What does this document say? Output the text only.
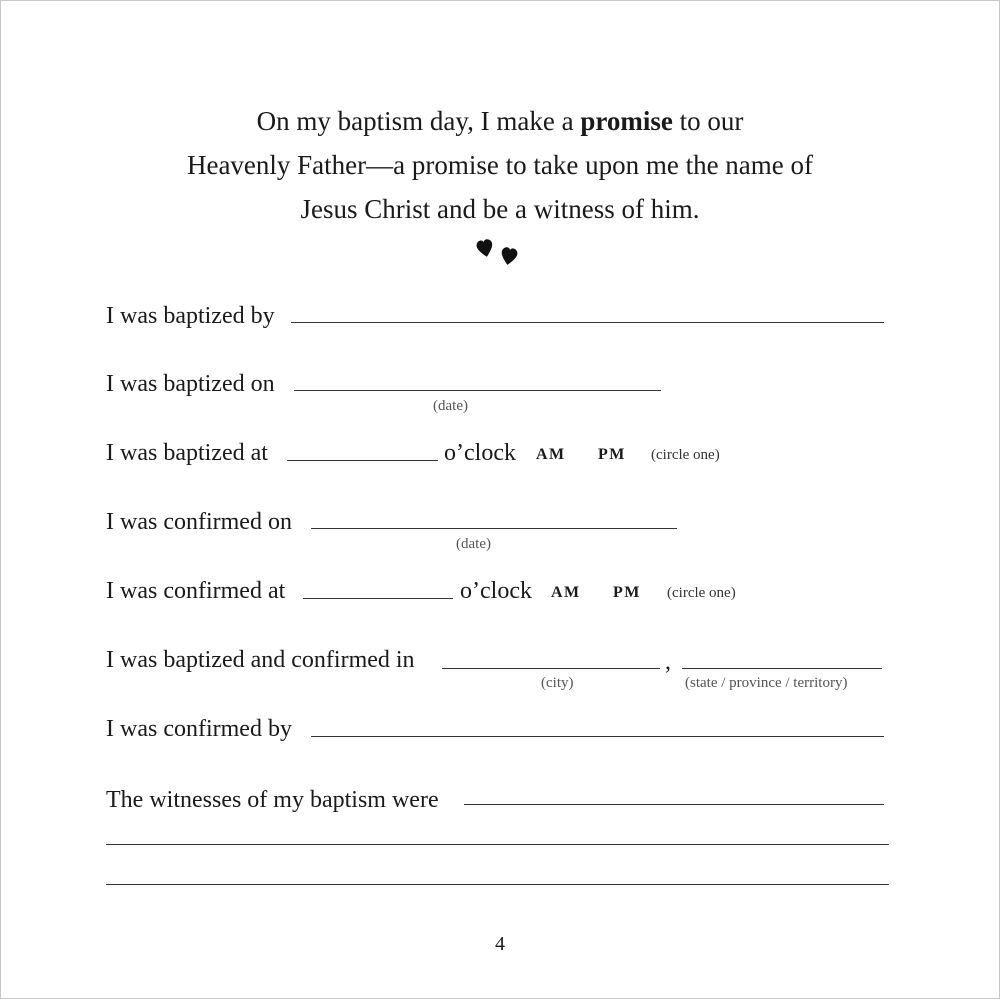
On my baptism day, I make a promise to our
Heavenly Father—a promise to take upon me the name of
Jesus Christ and be a witness of him.
I was baptized by
I was baptized on
(date)
I was baptized at	o’clock AM PM (circle one)
I was confirmed on
(date)
I was confirmed at	o’clock AM PM (circle one)
I was baptized and confirmed in	,
(city)	(state / province / territory)
I was confirmed by
The witnesses of my baptism were
4
